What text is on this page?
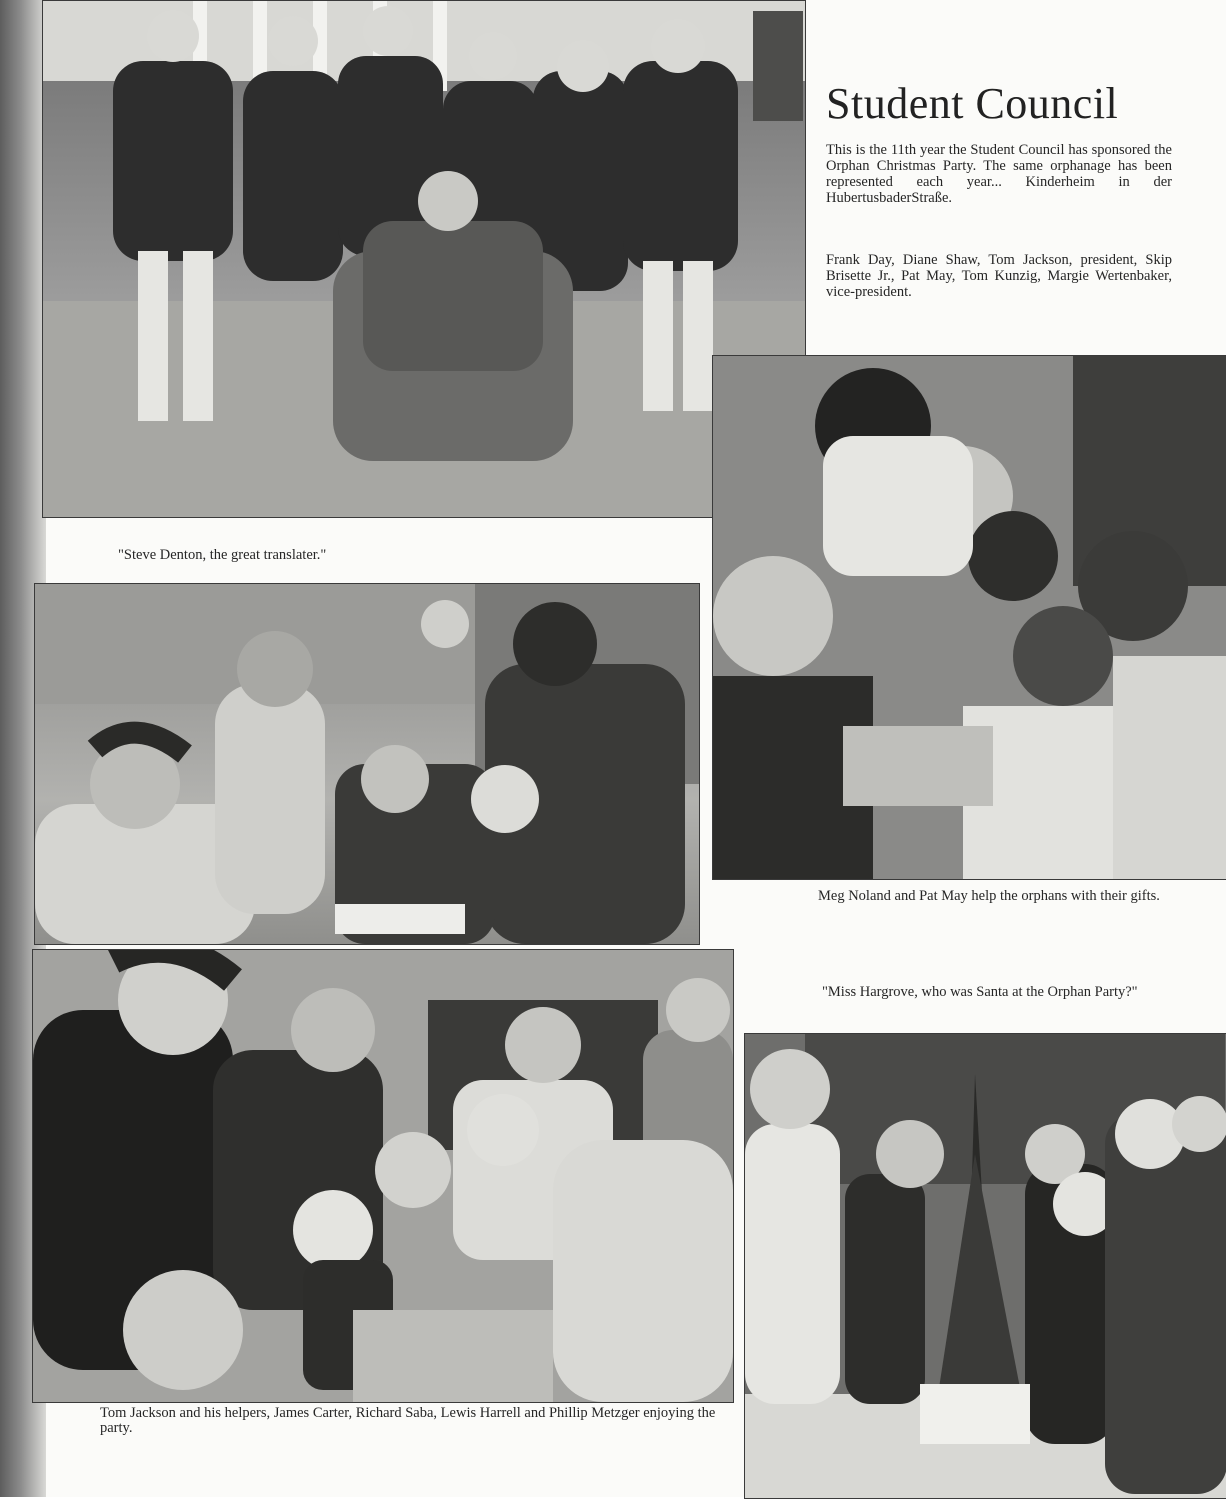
Student Council

This is the 11th year the Student Council has sponsored the Orphan Christmas Party. The same orphanage has been represented each year... Kinderheim in der HubertusbaderStraße.

Frank Day, Diane Shaw, Tom Jackson, president, Skip Brisette Jr., Pat May, Tom Kunzig, Margie Wertenbaker, vice-president.

"Steve Denton, the great translater."

Meg Noland and Pat May help the orphans with their gifts.

"Miss Hargrove, who was Santa at the Orphan Party?"

Tom Jackson and his helpers, James Carter, Richard Saba, Lewis Harrell and Phillip Metzger enjoying the party.
